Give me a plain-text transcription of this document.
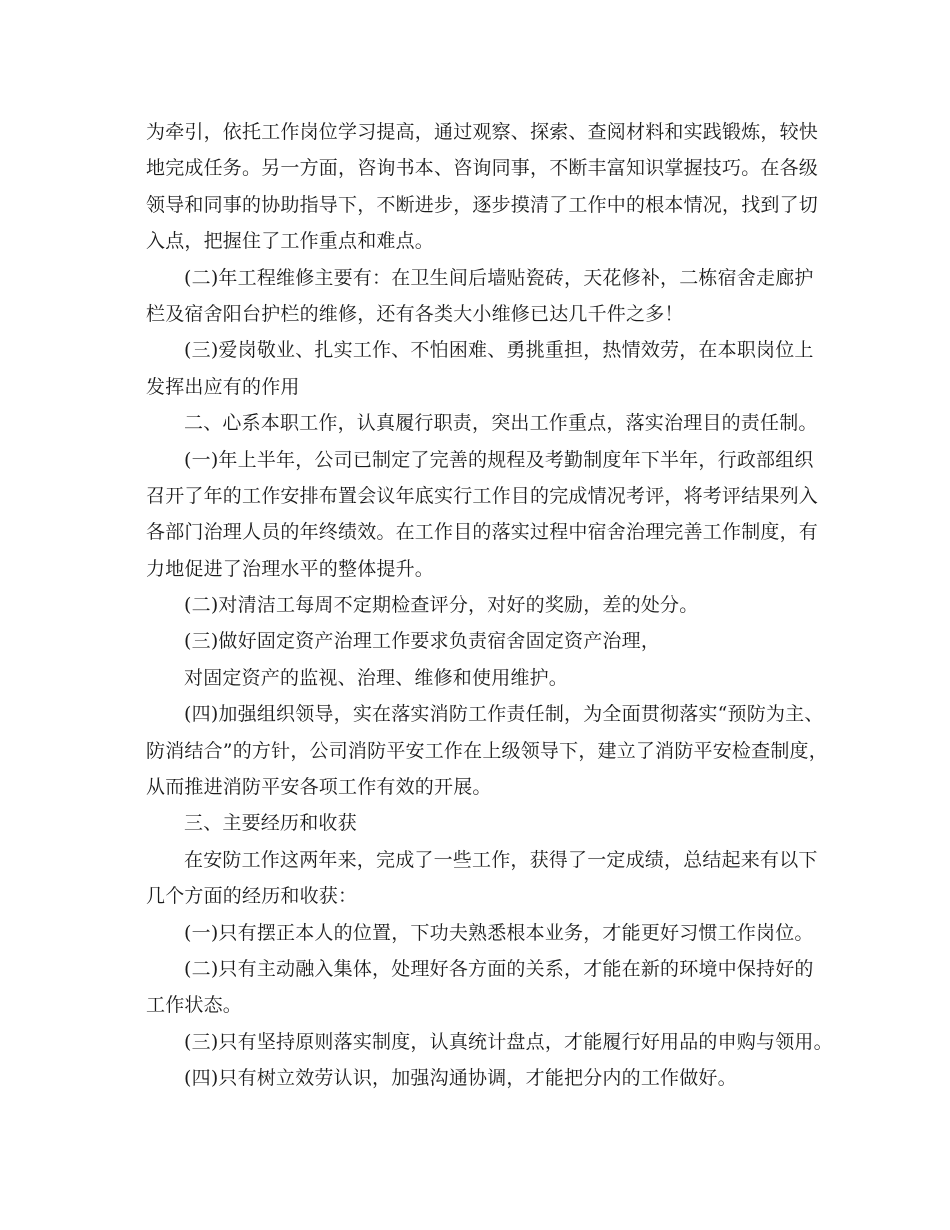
为牵引，依托工作岗位学习提高，通过观察、探索、查阅材料和实践锻炼，较快
地完成任务。另一方面，咨询书本、咨询同事，不断丰富知识掌握技巧。在各级
领导和同事的协助指导下，不断进步，逐步摸清了工作中的根本情况，找到了切
入点，把握住了工作重点和难点。
(二)年工程维修主要有：在卫生间后墙贴瓷砖，天花修补，二栋宿舍走廊护
栏及宿舍阳台护栏的维修，还有各类大小维修已达几千件之多！
(三)爱岗敬业、扎实工作、不怕困难、勇挑重担，热情效劳，在本职岗位上
发挥出应有的作用
二、心系本职工作，认真履行职责，突出工作重点，落实治理目的责任制。
(一)年上半年，公司已制定了完善的规程及考勤制度年下半年，行政部组织
召开了年的工作安排布置会议年底实行工作目的完成情况考评，将考评结果列入
各部门治理人员的年终绩效。在工作目的落实过程中宿舍治理完善工作制度，有
力地促进了治理水平的整体提升。
(二)对清洁工每周不定期检查评分，对好的奖励，差的处分。
(三)做好固定资产治理工作要求负责宿舍固定资产治理，
对固定资产的监视、治理、维修和使用维护。
(四)加强组织领导，实在落实消防工作责任制，为全面贯彻落实“预防为主、
防消结合”的方针，公司消防平安工作在上级领导下，建立了消防平安检查制度，
从而推进消防平安各项工作有效的开展。
三、主要经历和收获
在安防工作这两年来，完成了一些工作，获得了一定成绩，总结起来有以下
几个方面的经历和收获：
(一)只有摆正本人的位置，下功夫熟悉根本业务，才能更好习惯工作岗位。
(二)只有主动融入集体，处理好各方面的关系，才能在新的环境中保持好的
工作状态。
(三)只有坚持原则落实制度，认真统计盘点，才能履行好用品的申购与领用。
(四)只有树立效劳认识，加强沟通协调，才能把分内的工作做好。
